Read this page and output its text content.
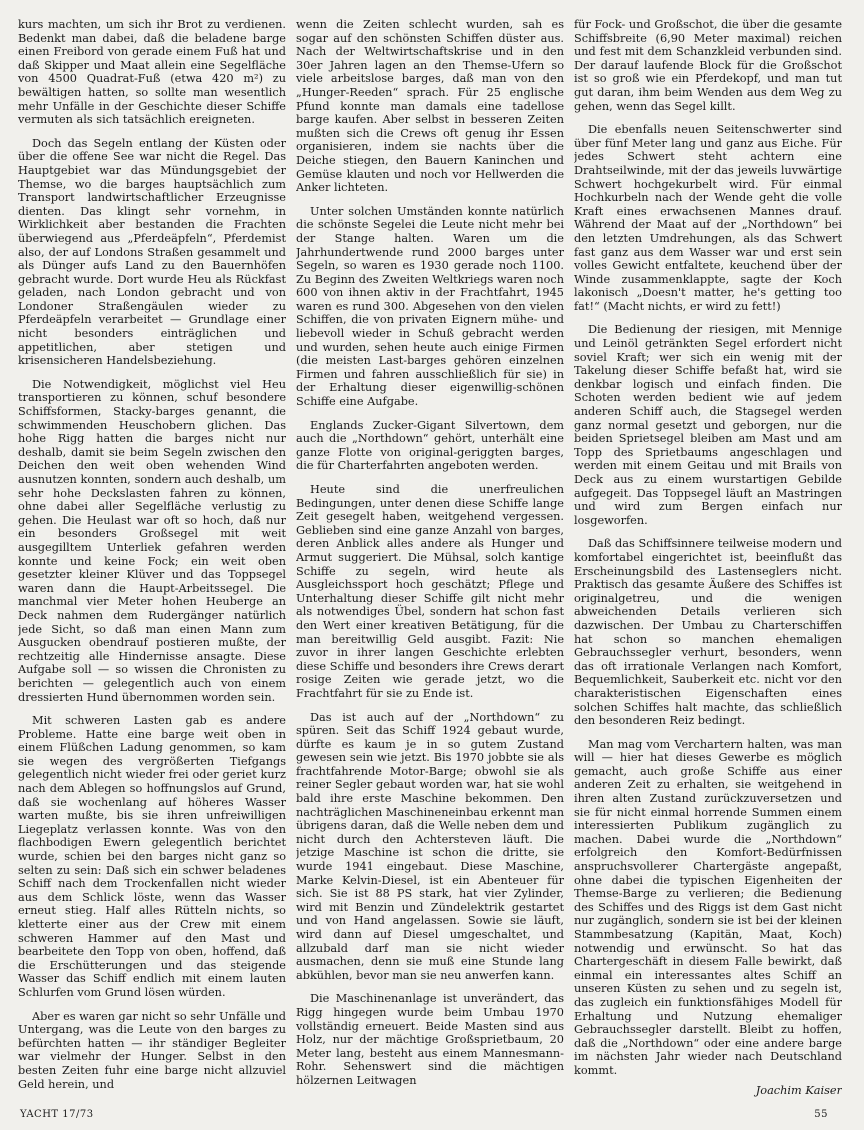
kurs machten, um sich ihr Brot zu verdienen. Bedenkt man dabei, daß die beladene barge einen Freibord von gerade einem Fuß hat und daß Skipper und Maat allein eine Segelfläche von 4500 Quadrat-Fuß (etwa 420 m²) zu bewältigen hatten, so sollte man wesentlich mehr Unfälle in der Geschichte dieser Schiffe vermuten als sich tatsächlich ereigneten.

Doch das Segeln entlang der Küsten oder über die offene See war nicht die Regel. Das Hauptgebiet war das Mündungsgebiet der Themse, wo die barges hauptsächlich zum Transport landwirtschaftlicher Erzeugnisse dienten. Das klingt sehr vornehm, in Wirklichkeit aber bestanden die Frachten überwiegend aus „Pferdeäpfeln“, Pferdemist also, der auf Londons Straßen gesammelt und als Dünger aufs Land zu den Bauernhöfen gebracht wurde. Dort wurde Heu als Rückfast geladen, nach London gebracht und von Londoner Straßengäulen wieder zu Pferdeäpfeln verarbeitet — Grundlage einer nicht besonders einträglichen und appetitlichen, aber stetigen und krisensicheren Handelsbeziehung.

Die Notwendigkeit, möglichst viel Heu transportieren zu können, schuf besondere Schiffsformen, Stacky-barges genannt, die schwimmenden Heuschobern glichen. Das hohe Rigg hatten die barges nicht nur deshalb, damit sie beim Segeln zwischen den Deichen den weit oben wehenden Wind ausnutzen konnten, sondern auch deshalb, um sehr hohe Deckslasten fahren zu können, ohne dabei aller Segelfläche verlustig zu gehen. Die Heulast war oft so hoch, daß nur ein besonders Großsegel mit weit ausgegilltem Unterliek gefahren werden konnte und keine Fock; ein weit oben gesetzter kleiner Klüver und das Toppsegel waren dann die Haupt-Arbeitssegel. Die manchmal vier Meter hohen Heuberge an Deck nahmen dem Rudergänger natürlich jede Sicht, so daß man einen Mann zum Ausgucken obendrauf postieren mußte, der rechtzeitig alle Hindernisse ansagte. Diese Aufgabe soll — so wissen die Chronisten zu berichten — gelegentlich auch von einem dressierten Hund übernommen worden sein.

Mit schweren Lasten gab es andere Probleme. Hatte eine barge weit oben in einem Flüßchen Ladung genommen, so kam sie wegen des vergrößerten Tiefgangs gelegentlich nicht wieder frei oder geriet kurz nach dem Ablegen so hoffnungslos auf Grund, daß sie wochenlang auf höheres Wasser warten mußte, bis sie ihren unfreiwilligen Liegeplatz verlassen konnte. Was von den flachbodigen Ewern gelegentlich berichtet wurde, schien bei den barges nicht ganz so selten zu sein: Daß sich ein schwer beladenes Schiff nach dem Trockenfallen nicht wieder aus dem Schlick löste, wenn das Wasser erneut stieg. Half alles Rütteln nichts, so kletterte einer aus der Crew mit einem schweren Hammer auf den Mast und bearbeitete den Topp von oben, hoffend, daß die Erschütterungen und das steigende Wasser das Schiff endlich mit einem lauten Schlurfen vom Grund lösen würden.

Aber es waren gar nicht so sehr Unfälle und Untergang, was die Leute von den barges zu befürchten hatten — ihr ständiger Begleiter war vielmehr der Hunger. Selbst in den besten Zeiten fuhr eine barge nicht allzuviel Geld herein, und

wenn die Zeiten schlecht wurden, sah es sogar auf den schönsten Schiffen düster aus. Nach der Weltwirtschaftskrise und in den 30er Jahren lagen an den Themse-Ufern so viele arbeitslose barges, daß man von den „Hunger-Reeden“ sprach. Für 25 englische Pfund konnte man damals eine tadellose barge kaufen. Aber selbst in besseren Zeiten mußten sich die Crews oft genug ihr Essen organisieren, indem sie nachts über die Deiche stiegen, den Bauern Kaninchen und Gemüse klauten und noch vor Hellwerden die Anker lichteten.

Unter solchen Umständen konnte natürlich die schönste Segelei die Leute nicht mehr bei der Stange halten. Waren um die Jahrhundertwende rund 2000 barges unter Segeln, so waren es 1930 gerade noch 1100. Zu Beginn des Zweiten Weltkriegs waren noch 600 von ihnen aktiv in der Frachtfahrt, 1945 waren es rund 300. Abgesehen von den vielen Schiffen, die von privaten Eignern mühe- und liebevoll wieder in Schuß gebracht werden und wurden, sehen heute auch einige Firmen (die meisten Last-barges gehören einzelnen Firmen und fahren ausschließlich für sie) in der Erhaltung dieser eigenwillig-schönen Schiffe eine Aufgabe.

Englands Zucker-Gigant Silvertown, dem auch die „Northdown“ gehört, unterhält eine ganze Flotte von original-geriggten barges, die für Charterfahrten angeboten werden.

Heute sind die unerfreulichen Bedingungen, unter denen diese Schiffe lange Zeit gesegelt haben, weitgehend vergessen. Geblieben sind eine ganze Anzahl von barges, deren Anblick alles andere als Hunger und Armut suggeriert. Die Mühsal, solch kantige Schiffe zu segeln, wird heute als Ausgleichssport hoch geschätzt; Pflege und Unterhaltung dieser Schiffe gilt nicht mehr als notwendiges Übel, sondern hat schon fast den Wert einer kreativen Betätigung, für die man bereitwillig Geld ausgibt. Fazit: Nie zuvor in ihrer langen Geschichte erlebten diese Schiffe und besonders ihre Crews derart rosige Zeiten wie gerade jetzt, wo die Frachtfahrt für sie zu Ende ist.

Das ist auch auf der „Northdown“ zu spüren. Seit das Schiff 1924 gebaut wurde, dürfte es kaum je in so gutem Zustand gewesen sein wie jetzt. Bis 1970 jobbte sie als frachtfahrende Motor-Barge; obwohl sie als reiner Segler gebaut worden war, hat sie wohl bald ihre erste Maschine bekommen. Den nachträglichen Maschineneinbau erkennt man übrigens daran, daß die Welle neben dem und nicht durch den Achtersteven läuft. Die jetzige Maschine ist schon die dritte, sie wurde 1941 eingebaut. Diese Maschine, Marke Kelvin-Diesel, ist ein Abenteuer für sich. Sie ist 88 PS stark, hat vier Zylinder, wird mit Benzin und Zündelektrik gestartet und von Hand angelassen. Sowie sie läuft, wird dann auf Diesel umgeschaltet, und allzubald darf man sie nicht wieder ausmachen, denn sie muß eine Stunde lang abkühlen, bevor man sie neu anwerfen kann.

Die Maschinenanlage ist unverändert, das Rigg hingegen wurde beim Umbau 1970 vollständig erneuert. Beide Masten sind aus Holz, nur der mächtige Großsprietbaum, 20 Meter lang, besteht aus einem Mannesmann-Rohr. Sehenswert sind die mächtigen hölzernen Leitwagen

für Fock- und Großschot, die über die gesamte Schiffsbreite (6,90 Meter maximal) reichen und fest mit dem Schanzkleid verbunden sind. Der darauf laufende Block für die Großschot ist so groß wie ein Pferdekopf, und man tut gut daran, ihm beim Wenden aus dem Weg zu gehen, wenn das Segel killt.

Die ebenfalls neuen Seitenschwerter sind über fünf Meter lang und ganz aus Eiche. Für jedes Schwert steht achtern eine Drahtseilwinde, mit der das jeweils luvwärtige Schwert hochgekurbelt wird. Für einmal Hochkurbeln nach der Wende geht die volle Kraft eines erwachsenen Mannes drauf. Während der Maat auf der „Northdown“ bei den letzten Umdrehungen, als das Schwert fast ganz aus dem Wasser war und erst sein volles Gewicht entfaltete, keuchend über der Winde zusammenklappte, sagte der Koch lakonisch „Doesn't matter, he's getting too fat!“ (Macht nichts, er wird zu fett!)

Die Bedienung der riesigen, mit Mennige und Leinöl getränkten Segel erfordert nicht soviel Kraft; wer sich ein wenig mit der Takelung dieser Schiffe befaßt hat, wird sie denkbar logisch und einfach finden. Die Schoten werden bedient wie auf jedem anderen Schiff auch, die Stagsegel werden ganz normal gesetzt und geborgen, nur die beiden Sprietsegel bleiben am Mast und am Topp des Sprietbaums angeschlagen und werden mit einem Geitau und mit Brails von Deck aus zu einem wurstartigen Gebilde aufgegeit. Das Toppsegel läuft an Mastringen und wird zum Bergen einfach nur losgeworfen.

Daß das Schiffsinnere teilweise modern und komfortabel eingerichtet ist, beeinflußt das Erscheinungsbild des Lastenseglers nicht. Praktisch das gesamte Äußere des Schiffes ist originalgetreu, und die wenigen abweichenden Details verlieren sich dazwischen. Der Umbau zu Charterschiffen hat schon so manchen ehemaligen Gebrauchssegler verhurt, besonders, wenn das oft irrationale Verlangen nach Komfort, Bequemlichkeit, Sauberkeit etc. nicht vor den charakteristischen Eigenschaften eines solchen Schiffes halt machte, das schließlich den besonderen Reiz bedingt.

Man mag vom Verchartern halten, was man will — hier hat dieses Gewerbe es möglich gemacht, auch große Schiffe aus einer anderen Zeit zu erhalten, sie weitgehend in ihren alten Zustand zurückzuversetzen und sie für nicht einmal horrende Summen einem interessierten Publikum zugänglich zu machen. Dabei wurde die „Northdown“ erfolgreich den Komfort-Bedürfnissen anspruchsvollerer Chartergäste angepaßt, ohne dabei die typischen Eigenheiten der Themse-Barge zu verlieren; die Bedienung des Schiffes und des Riggs ist dem Gast nicht nur zugänglich, sondern sie ist bei der kleinen Stammbesatzung (Kapitän, Maat, Koch) notwendig und erwünscht. So hat das Chartergeschäft in diesem Falle bewirkt, daß einmal ein interessantes altes Schiff an unseren Küsten zu sehen und zu segeln ist, das zugleich ein funktionsfähiges Modell für Erhaltung und Nutzung ehemaliger Gebrauchssegler darstellt. Bleibt zu hoffen, daß die „Northdown“ oder eine andere barge im nächsten Jahr wieder nach Deutschland kommt.

Joachim Kaiser
YACHT 17/73	55
